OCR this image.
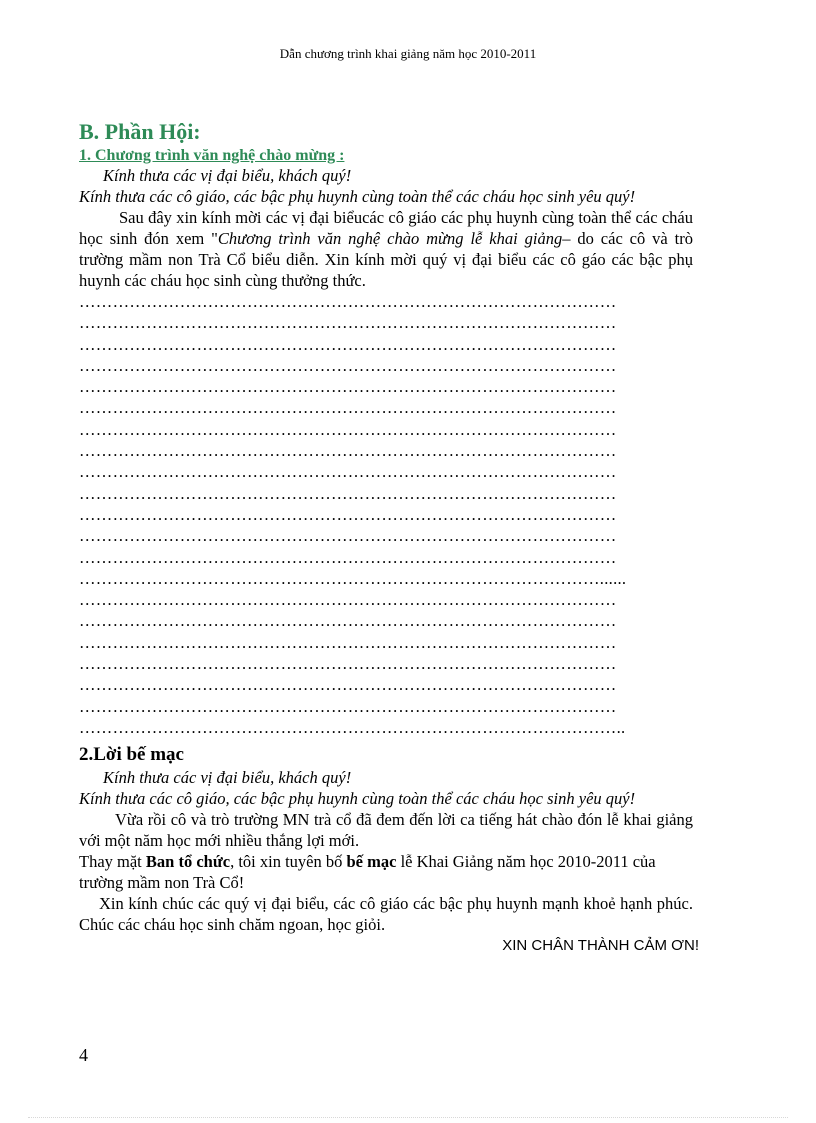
Dẫn chương trình khai giảng năm học 2010-2011

B. Phần Hội:

1. Chương trình văn nghệ chào mừng :

Kính thưa các vị đại biểu, khách quý!

Kính thưa các cô giáo, các bậc phụ huynh cùng toàn thể các cháu học sinh yêu quý!

Sau đây xin kính mời các vị đại biểucác cô giáo các phụ huynh cùng toàn thể các cháu học sinh đón xem "Chương trình văn nghệ chào mừng lễ khai giảng– do các cô và trò trường mầm non Trà Cổ biểu diễn. Xin kính mời quý vị đại biểu các cô gáo các bậc phụ huynh các cháu học sinh cùng thưởng thức.

……………………………………………………………………………………
……………………………………………………………………………………
……………………………………………………………………………………
……………………………………………………………………………………
……………………………………………………………………………………
……………………………………………………………………………………
……………………………………………………………………………………
……………………………………………………………………………………
……………………………………………………………………………………
……………………………………………………………………………………
……………………………………………………………………………………
……………………………………………………………………………………
……………………………………………………………………………………
…………………………………………………………………………………......
……………………………………………………………………………………
……………………………………………………………………………………
……………………………………………………………………………………
……………………………………………………………………………………
……………………………………………………………………………………
……………………………………………………………………………………
……………………………………………………………………………………..

2.Lời bế mạc

Kính thưa các vị đại biểu, khách quý!

Kính thưa các cô giáo, các bậc phụ huynh cùng toàn thể các cháu học sinh yêu quý!

Vừa rồi cô và trò trường MN trà cổ đã đem đến lời ca tiếng hát chào đón lễ khai giảng với một năm học mới nhiều thắng lợi mới.

Thay mặt Ban tổ chức, tôi xin tuyên bố bế mạc lễ Khai Giảng năm học 2010-2011 của trường mầm non Trà Cổ!

Xin kính chúc các quý vị đại biểu, các cô giáo các bậc phụ huynh mạnh khoẻ hạnh phúc. Chúc các cháu học sinh chăm ngoan, học giỏi.

XIN CHÂN THÀNH CẢM ƠN!

4
